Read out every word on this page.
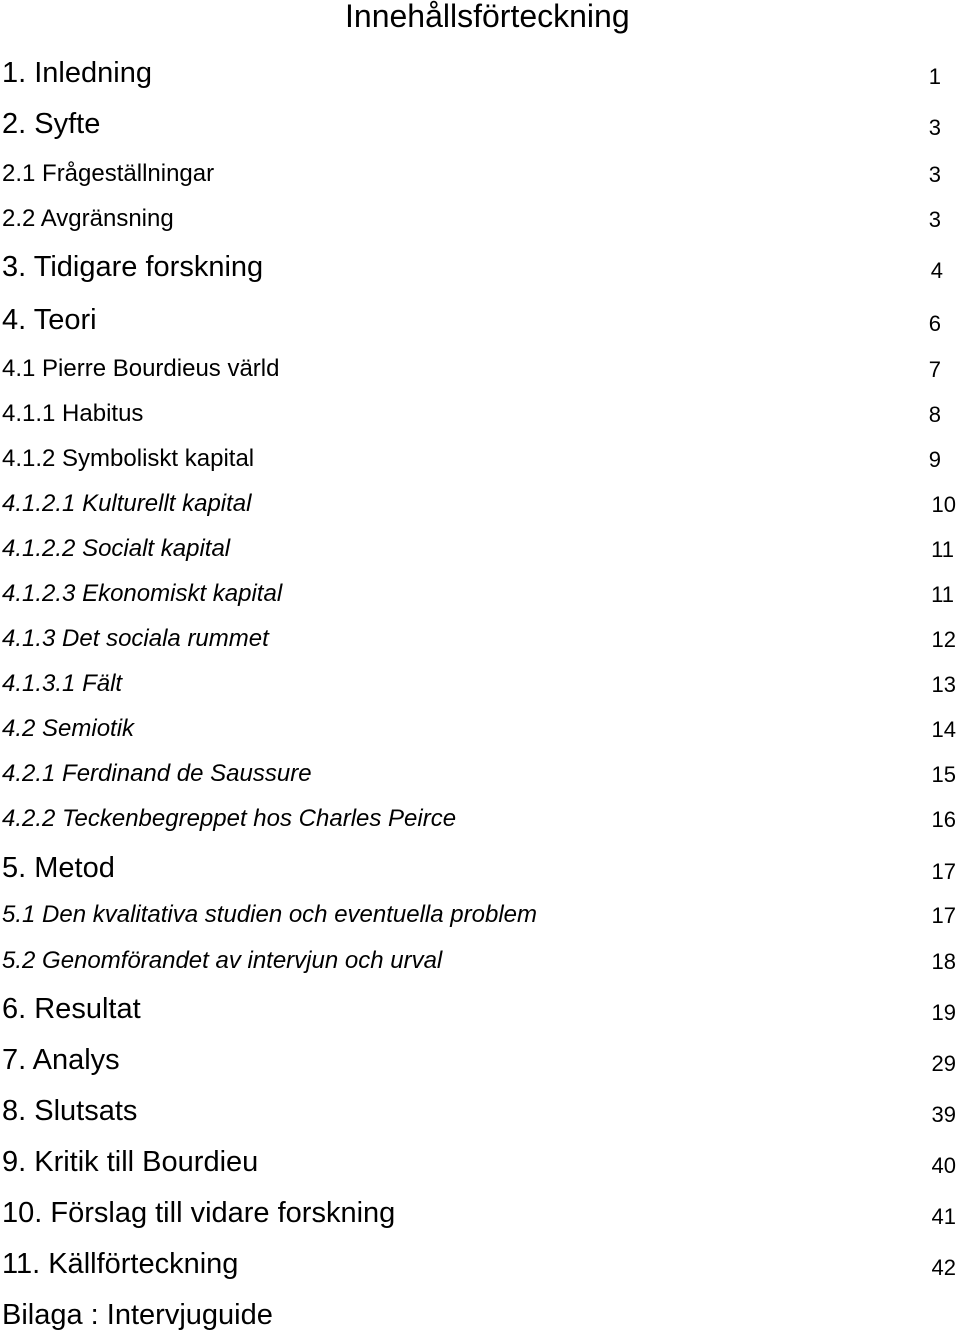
Innehållsförteckning
1. Inledning	1
2. Syfte	3
2.1 Frågeställningar	3
2.2 Avgränsning	3
3. Tidigare forskning	4
4. Teori	6
4.1 Pierre Bourdieus värld	7
4.1.1 Habitus	8
4.1.2 Symboliskt kapital	9
4.1.2.1 Kulturellt kapital	10
4.1.2.2 Socialt kapital	11
4.1.2.3 Ekonomiskt kapital	11
4.1.3 Det sociala rummet	12
4.1.3.1 Fält	13
4.2 Semiotik	14
4.2.1 Ferdinand de Saussure	15
4.2.2 Teckenbegreppet hos Charles Peirce	16
5. Metod	17
5.1 Den kvalitativa studien och eventuella problem	17
5.2 Genomförandet av intervjun och urval	18
6. Resultat	19
7. Analys	29
8. Slutsats	39
9. Kritik till Bourdieu	40
10. Förslag till vidare forskning	41
11. Källförteckning	42
Bilaga : Intervjuguide
